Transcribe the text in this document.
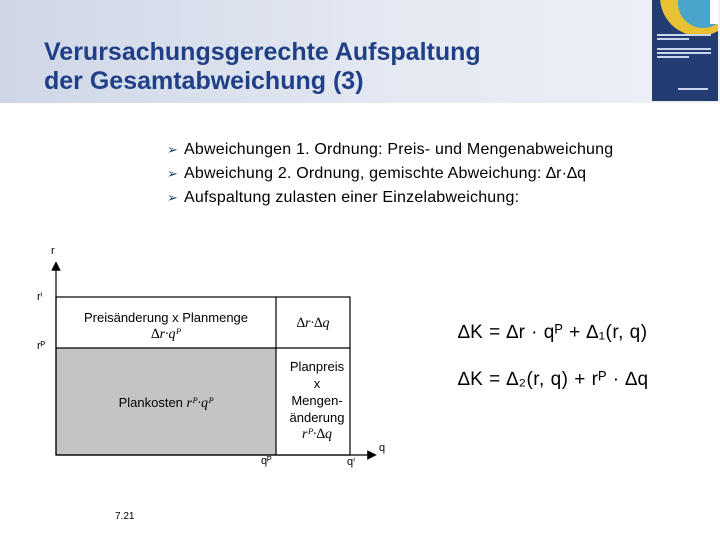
Verursachungsgerechte Aufspaltung
der Gesamtabweichung (3)
➢ Abweichungen 1. Ordnung: Preis- und Mengenabweichung
➢ Abweichung 2. Ordnung, gemischte Abweichung: ∆r·∆q
➢ Aufspaltung zulasten einer Einzelabweichung:
r
rⁱ
rᴾ
qᴾ	qⁱ
q
Preisänderung x Planmenge
∆r·qᴾ
∆r·∆q
Plankosten rᴾ·qᴾ
Planpreis
x
Mengen-
änderung
rᴾ·∆q
∆K = ∆r · qᴾ + ∆₁(r, q)
∆K = ∆₂(r, q) + rᴾ · ∆q
7.21
